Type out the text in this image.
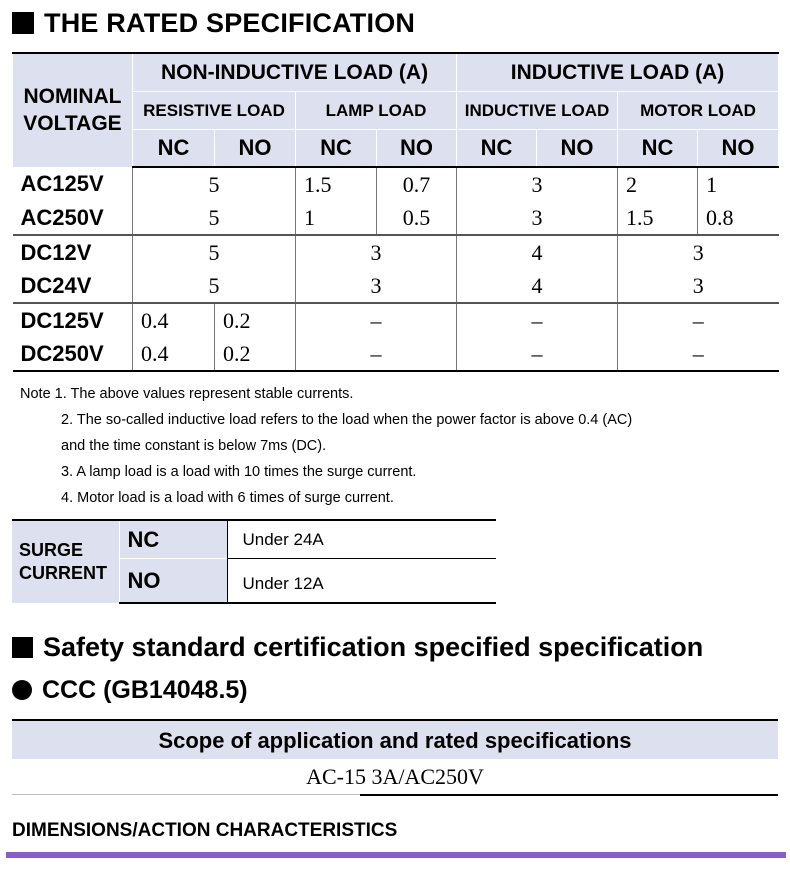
THE RATED SPECIFICATION
NOMINAL
VOLTAGE	NON-INDUCTIVE LOAD (A)				INDUCTIVE LOAD (A)			
	RESISTIVE LOAD		LAMP LOAD		INDUCTIVE LOAD		MOTOR LOAD	
	NC	NO	NC	NO	NC	NO	NC	NO
AC125V	5		1.5	0.7	3		2	1
AC250V	5		1	0.5	3		1.5	0.8
DC12V	5		3		4		3	
DC24V	5		3		4		3	
DC125V	0.4	0.2	–		–		–	
DC250V	0.4	0.2	–		–		–	
Note 1. The above values represent stable currents.
2. The so-called inductive load refers to the load when the power factor is above 0.4 (AC)
and the time constant is below 7ms (DC).
3. A lamp load is a load with 10 times the surge current.
4. Motor load is a load with 6 times of surge current.
SURGE
CURRENT	NC	Under 24A
	NO	Under 12A
Safety standard certification specified specification
CCC (GB14048.5)
Scope of application and rated specifications
AC-15 3A/AC250V
DIMENSIONS/ACTION CHARACTERISTICS
